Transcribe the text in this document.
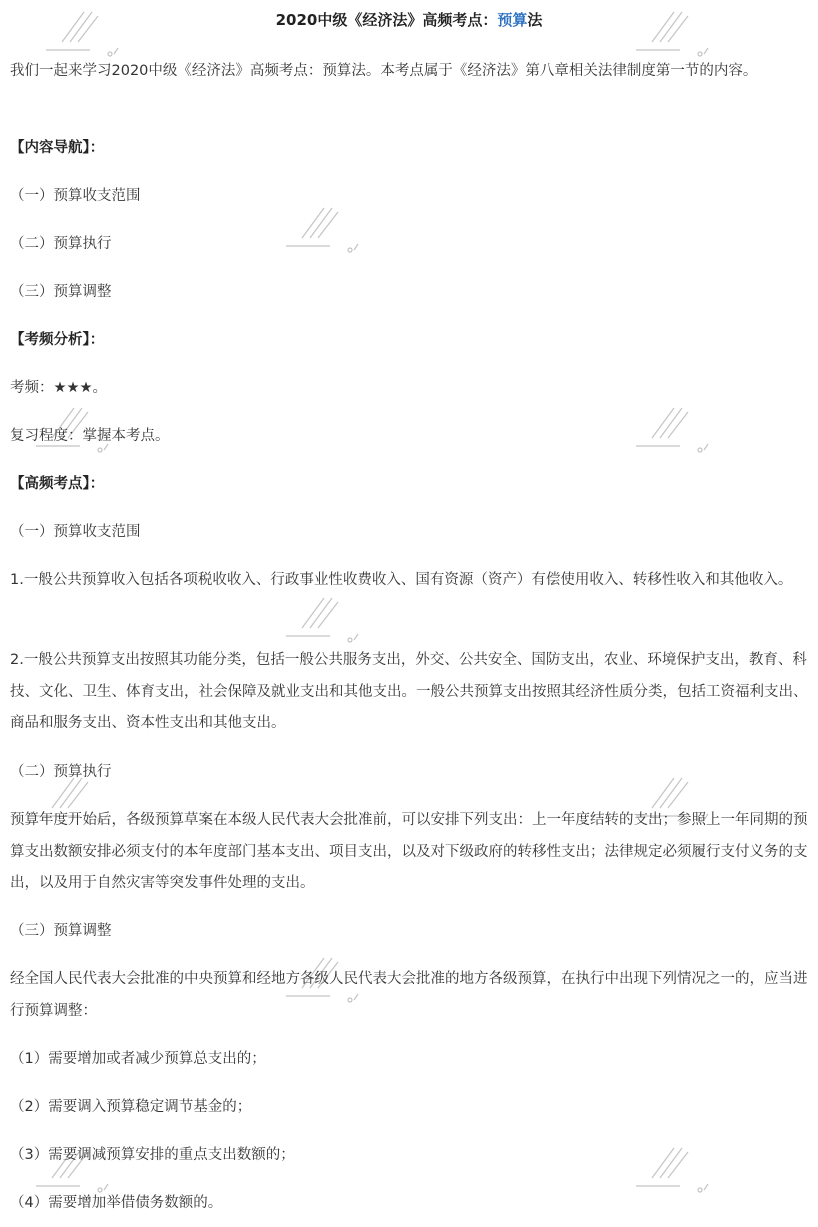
2020中级《经济法》高频考点：预算法
我们一起来学习2020中级《经济法》高频考点：预算法。本考点属于《经济法》第八章相关法律制度第一节的内容。
【内容导航】：
（一）预算收支范围
（二）预算执行
（三）预算调整
【考频分析】：
考频：★★★。
复习程度：掌握本考点。
【高频考点】：
（一）预算收支范围
1.一般公共预算收入包括各项税收收入、行政事业性收费收入、国有资源（资产）有偿使用收入、转移性收入和其他收入。
2.一般公共预算支出按照其功能分类，包括一般公共服务支出，外交、公共安全、国防支出，农业、环境保护支出，教育、科技、文化、卫生、体育支出，社会保障及就业支出和其他支出。一般公共预算支出按照其经济性质分类，包括工资福利支出、商品和服务支出、资本性支出和其他支出。
（二）预算执行
预算年度开始后，各级预算草案在本级人民代表大会批准前，可以安排下列支出：上一年度结转的支出；参照上一年同期的预算支出数额安排必须支付的本年度部门基本支出、项目支出，以及对下级政府的转移性支出；法律规定必须履行支付义务的支出，以及用于自然灾害等突发事件处理的支出。
（三）预算调整
经全国人民代表大会批准的中央预算和经地方各级人民代表大会批准的地方各级预算，在执行中出现下列情况之一的，应当进行预算调整：
（1）需要增加或者减少预算总支出的；
（2）需要调入预算稳定调节基金的；
（3）需要调减预算安排的重点支出数额的；
（4）需要增加举借债务数额的。
